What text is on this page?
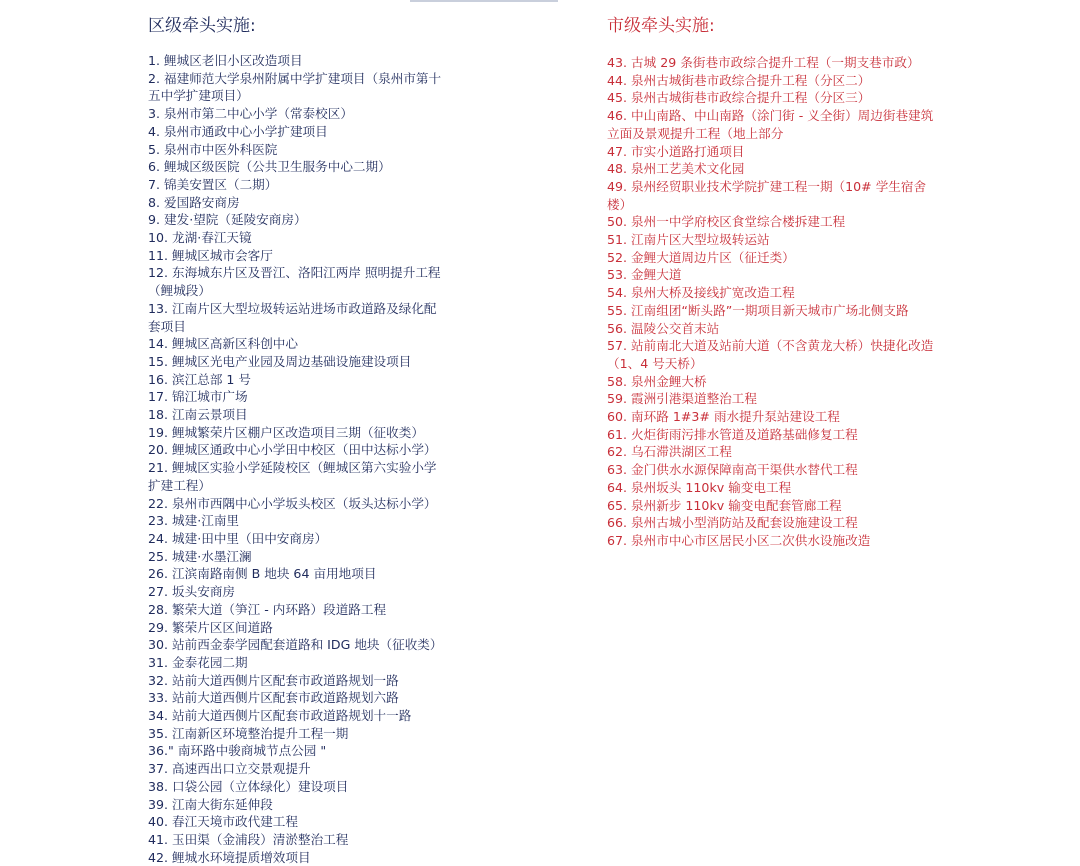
区级牵头实施:
1. 鲤城区老旧小区改造项目
2. 福建师范大学泉州附属中学扩建项目（泉州市第十五中学扩建项目）
3. 泉州市第二中心小学（常泰校区）
4. 泉州市通政中心小学扩建项目
5. 泉州市中医外科医院
6. 鲤城区级医院（公共卫生服务中心二期）
7. 锦美安置区（二期）
8. 爱国路安商房
9. 建发·望院（延陵安商房）
10. 龙湖·春江天镜
11. 鲤城区城市会客厅
12. 东海城东片区及晋江、洛阳江两岸 照明提升工程（鲤城段）
13. 江南片区大型垃圾转运站进场市政道路及绿化配套项目
14. 鲤城区高新区科创中心
15. 鲤城区光电产业园及周边基础设施建设项目
16. 滨江总部 1 号
17. 锦江城市广场
18. 江南云景项目
19. 鲤城繁荣片区棚户区改造项目三期（征收类）
20. 鲤城区通政中心小学田中校区（田中达标小学）
21. 鲤城区实验小学延陵校区（鲤城区第六实验小学扩建工程）
22. 泉州市西隅中心小学坂头校区（坂头达标小学）
23. 城建·江南里
24. 城建·田中里（田中安商房）
25. 城建·水墨江澜
26. 江滨南路南侧 B 地块 64 亩用地项目
27. 坂头安商房
28. 繁荣大道（笋江 - 内环路）段道路工程
29. 繁荣片区区间道路
30. 站前西金泰学园配套道路和 IDG 地块（征收类）
31. 金泰花园二期
32. 站前大道西侧片区配套市政道路规划一路
33. 站前大道西侧片区配套市政道路规划六路
34. 站前大道西侧片区配套市政道路规划十一路
35. 江南新区环境整治提升工程一期
36." 南环路中骏商城节点公园 "
37. 高速西出口立交景观提升
38. 口袋公园（立体绿化）建设项目
39. 江南大街东延伸段
40. 春江天境市政代建工程
41. 玉田渠（金浦段）清淤整治工程
42. 鲤城水环境提质增效项目
市级牵头实施:
43. 古城 29 条街巷市政综合提升工程（一期支巷市政）
44. 泉州古城街巷市政综合提升工程（分区二）
45. 泉州古城街巷市政综合提升工程（分区三）
46. 中山南路、中山南路（涂门街 - 义全街）周边街巷建筑立面及景观提升工程（地上部分
47. 市实小道路打通项目
48. 泉州工艺美术文化园
49. 泉州经贸职业技术学院扩建工程一期（10# 学生宿舍楼）
50. 泉州一中学府校区食堂综合楼拆建工程
51. 江南片区大型垃圾转运站
52. 金鲤大道周边片区（征迁类）
53. 金鲤大道
54. 泉州大桥及接线扩宽改造工程
55. 江南组团“断头路”一期项目新天城市广场北侧支路
56. 温陵公交首末站
57. 站前南北大道及站前大道（不含黄龙大桥）快捷化改造（1、4 号天桥）
58. 泉州金鲤大桥
59. 霞洲引港渠道整治工程
60. 南环路 1#3# 雨水提升泵站建设工程
61. 火炬街雨污排水管道及道路基础修复工程
62. 乌石滞洪湖区工程
63. 金门供水水源保障南高干渠供水替代工程
64. 泉州坂头 110kv 输变电工程
65. 泉州新步 110kv 输变电配套管廊工程
66. 泉州古城小型消防站及配套设施建设工程
67. 泉州市中心市区居民小区二次供水设施改造
